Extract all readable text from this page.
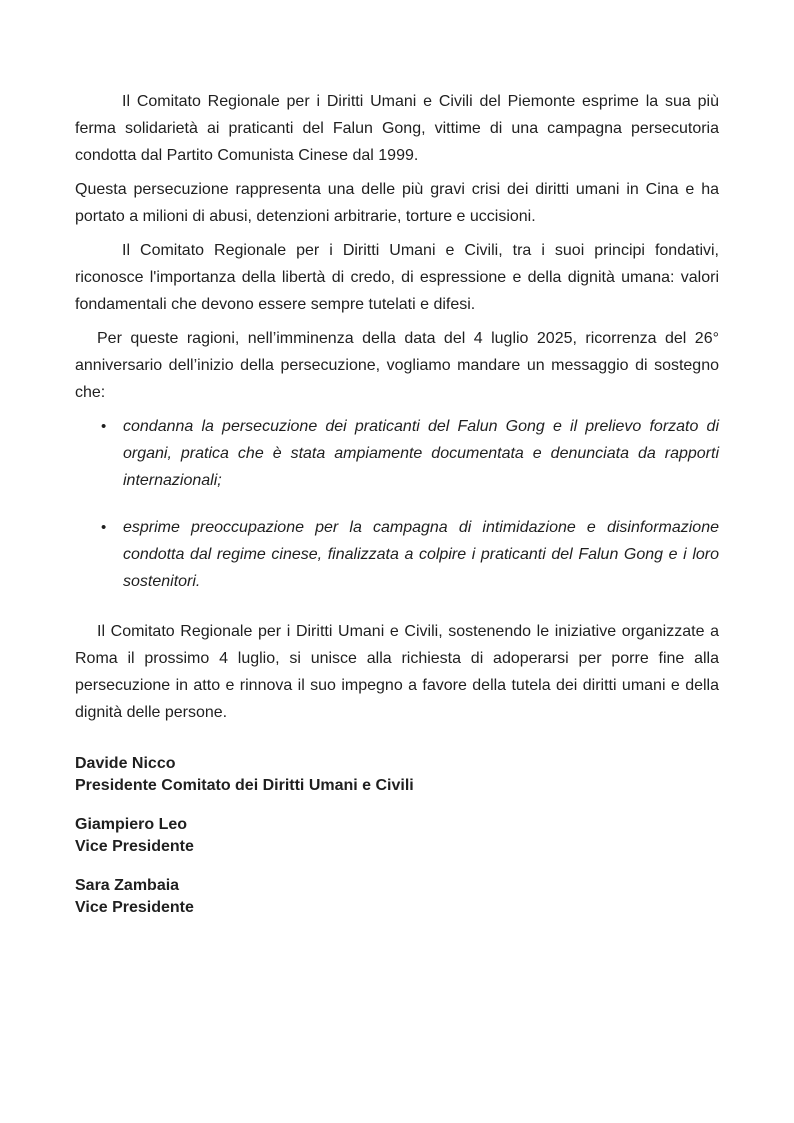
Il Comitato Regionale per i Diritti Umani e Civili del Piemonte esprime la sua più ferma solidarietà ai praticanti del Falun Gong, vittime di una campagna persecutoria condotta dal Partito Comunista Cinese dal 1999.

Questa persecuzione rappresenta una delle più gravi crisi dei diritti umani in Cina e ha portato a milioni di abusi, detenzioni arbitrarie, torture e uccisioni.

Il Comitato Regionale per i Diritti Umani e Civili, tra i suoi principi fondativi, riconosce l'importanza della libertà di credo, di espressione e della dignità umana: valori fondamentali che devono essere sempre tutelati e difesi.

Per queste ragioni, nell’imminenza della data del 4 luglio 2025, ricorrenza del 26° anniversario dell’inizio della persecuzione, vogliamo mandare un messaggio di sostegno che:

• condanna la persecuzione dei praticanti del Falun Gong e il prelievo forzato di organi, pratica che è stata ampiamente documentata e denunciata da rapporti internazionali;

• esprime preoccupazione per la campagna di intimidazione e disinformazione condotta dal regime cinese, finalizzata a colpire i praticanti del Falun Gong e i loro sostenitori.

Il Comitato Regionale per i Diritti Umani e Civili, sostenendo le iniziative organizzate a Roma il prossimo 4 luglio, si unisce alla richiesta di adoperarsi per porre fine alla persecuzione in atto e rinnova il suo impegno a favore della tutela dei diritti umani e della dignità delle persone.

Davide Nicco
Presidente Comitato dei Diritti Umani e Civili
Giampiero Leo
Vice Presidente
Sara Zambaia
Vice Presidente
